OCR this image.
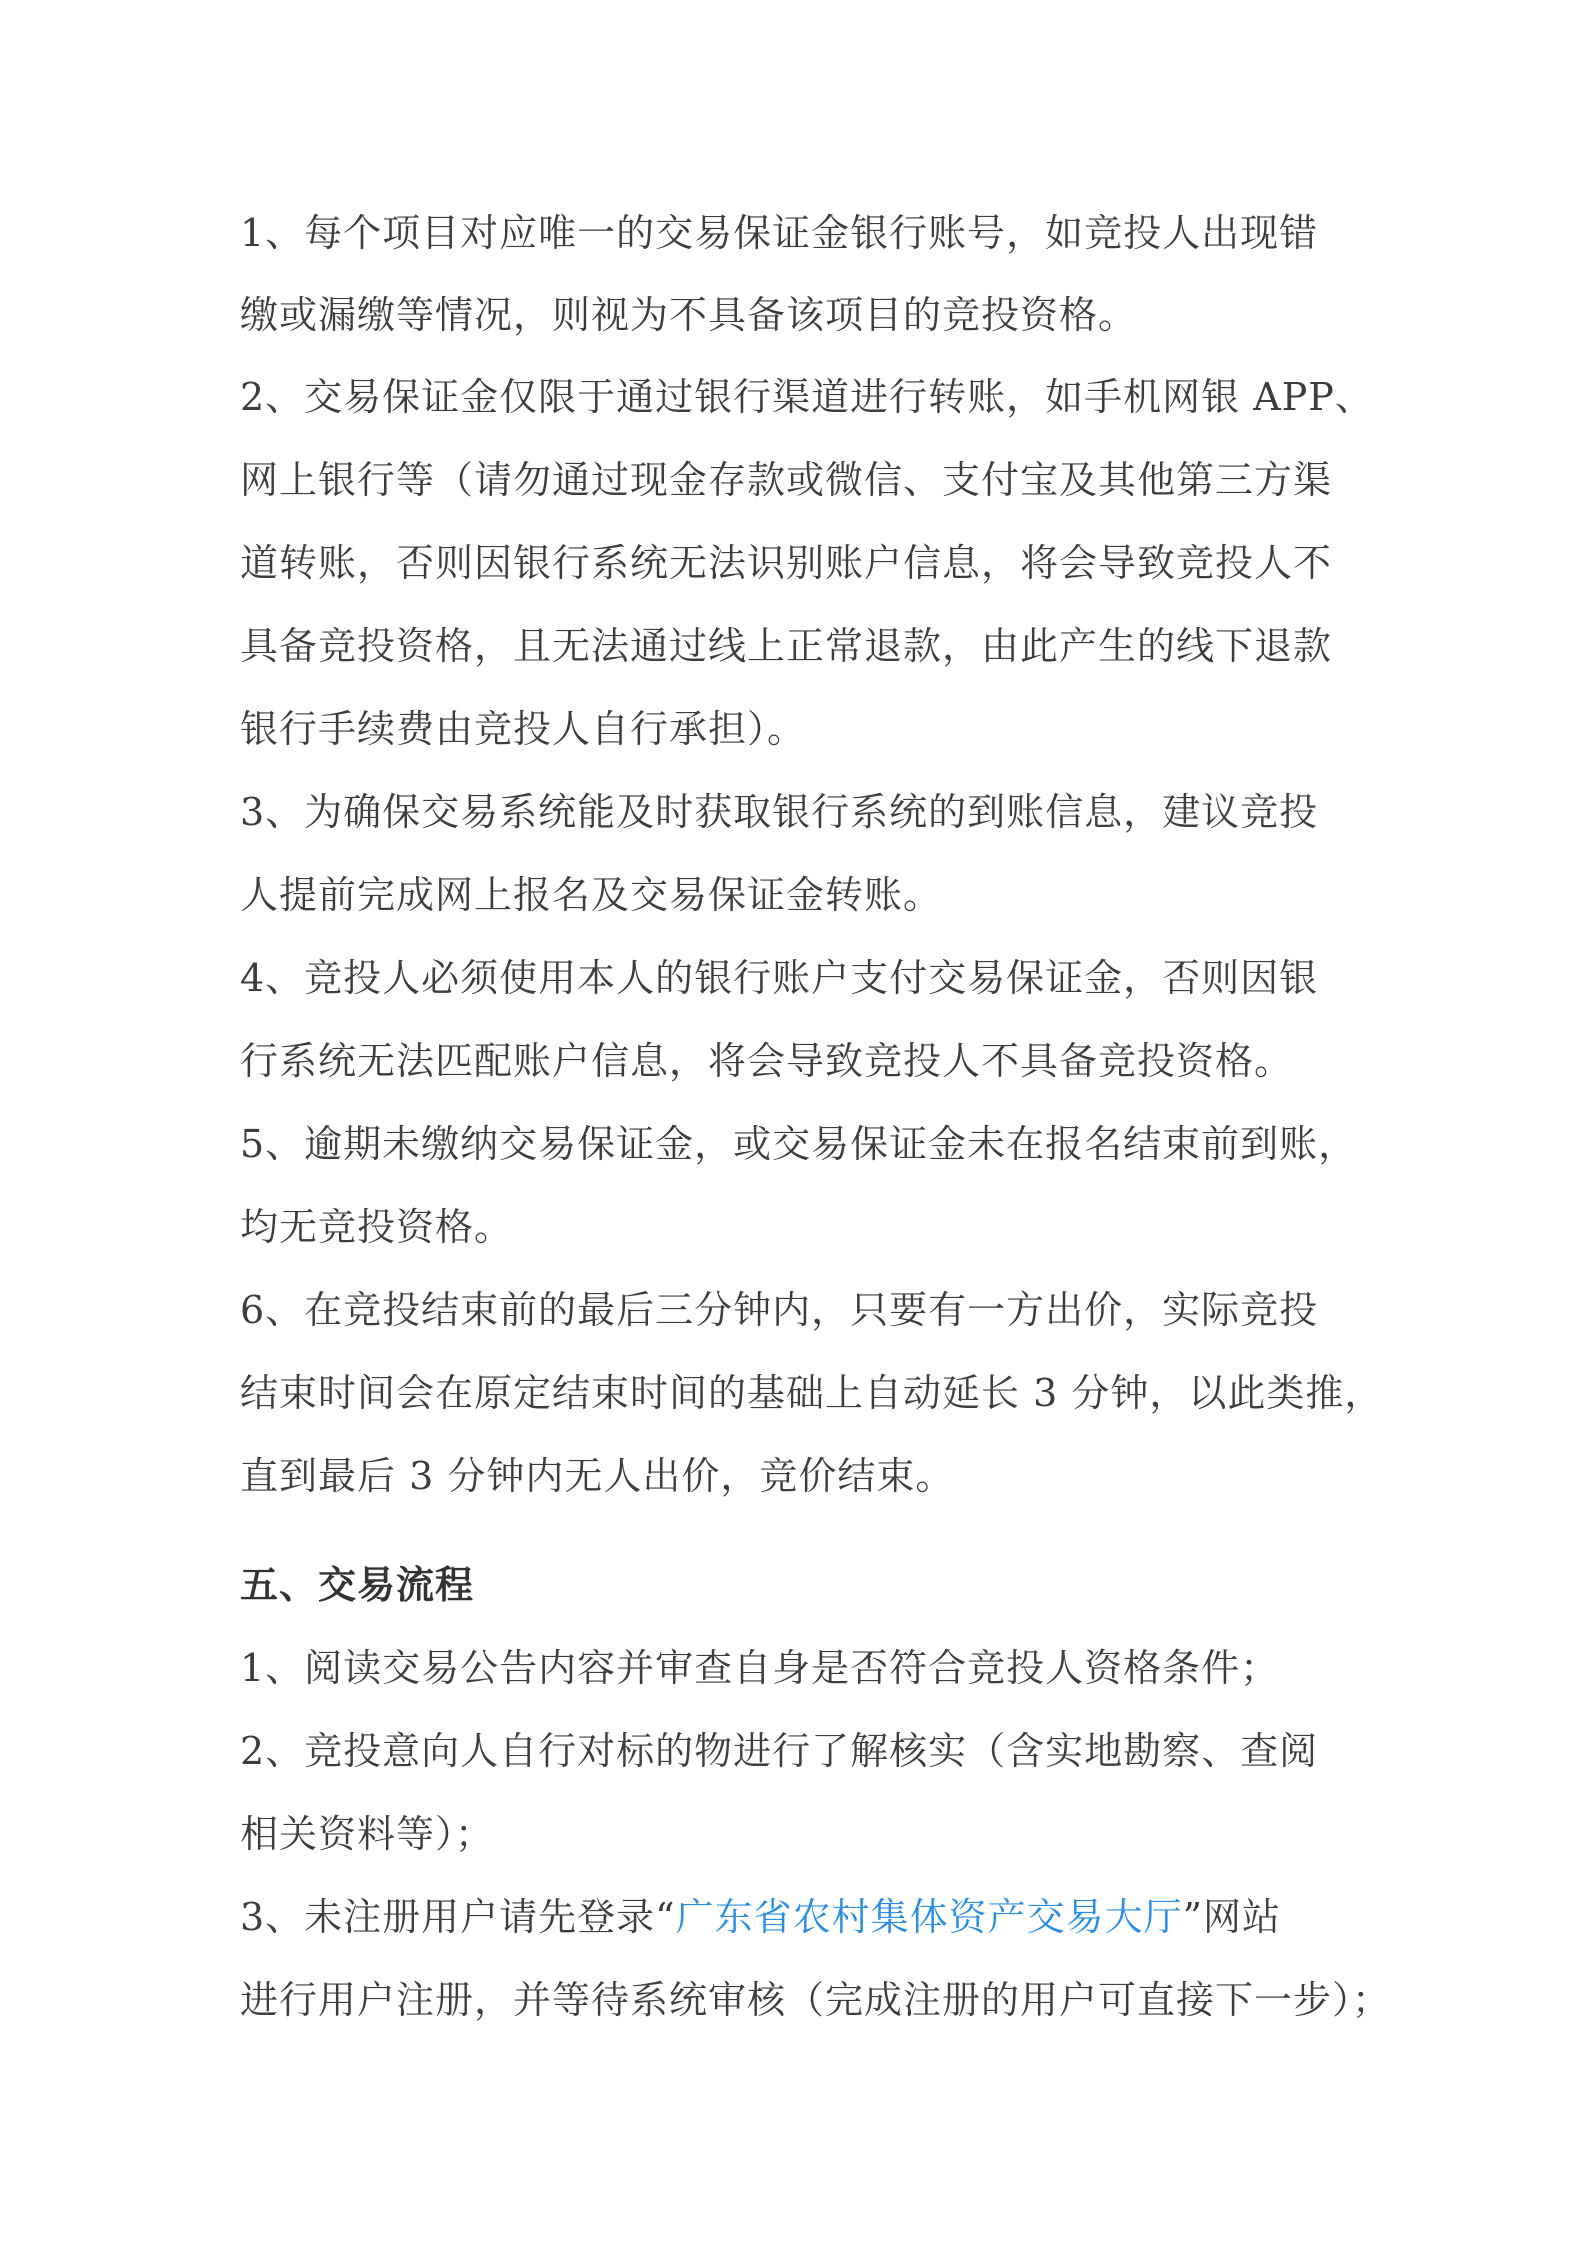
1、每个项目对应唯一的交易保证金银行账号，如竞投人出现错
缴或漏缴等情况，则视为不具备该项目的竞投资格。
2、交易保证金仅限于通过银行渠道进行转账，如手机网银 APP、
网上银行等（请勿通过现金存款或微信、支付宝及其他第三方渠
道转账，否则因银行系统无法识别账户信息，将会导致竞投人不
具备竞投资格，且无法通过线上正常退款，由此产生的线下退款
银行手续费由竞投人自行承担）。
3、为确保交易系统能及时获取银行系统的到账信息，建议竞投
人提前完成网上报名及交易保证金转账。
4、竞投人必须使用本人的银行账户支付交易保证金，否则因银
行系统无法匹配账户信息，将会导致竞投人不具备竞投资格。
5、逾期未缴纳交易保证金，或交易保证金未在报名结束前到账，
均无竞投资格。
6、在竞投结束前的最后三分钟内，只要有一方出价，实际竞投
结束时间会在原定结束时间的基础上自动延长 3 分钟，以此类推，
直到最后 3 分钟内无人出价，竞价结束。
五、交易流程
1、阅读交易公告内容并审查自身是否符合竞投人资格条件；
2、竞投意向人自行对标的物进行了解核实（含实地勘察、查阅
相关资料等）；
3、未注册用户请先登录“广东省农村集体资产交易大厅”网站
进行用户注册，并等待系统审核（完成注册的用户可直接下一步）；
